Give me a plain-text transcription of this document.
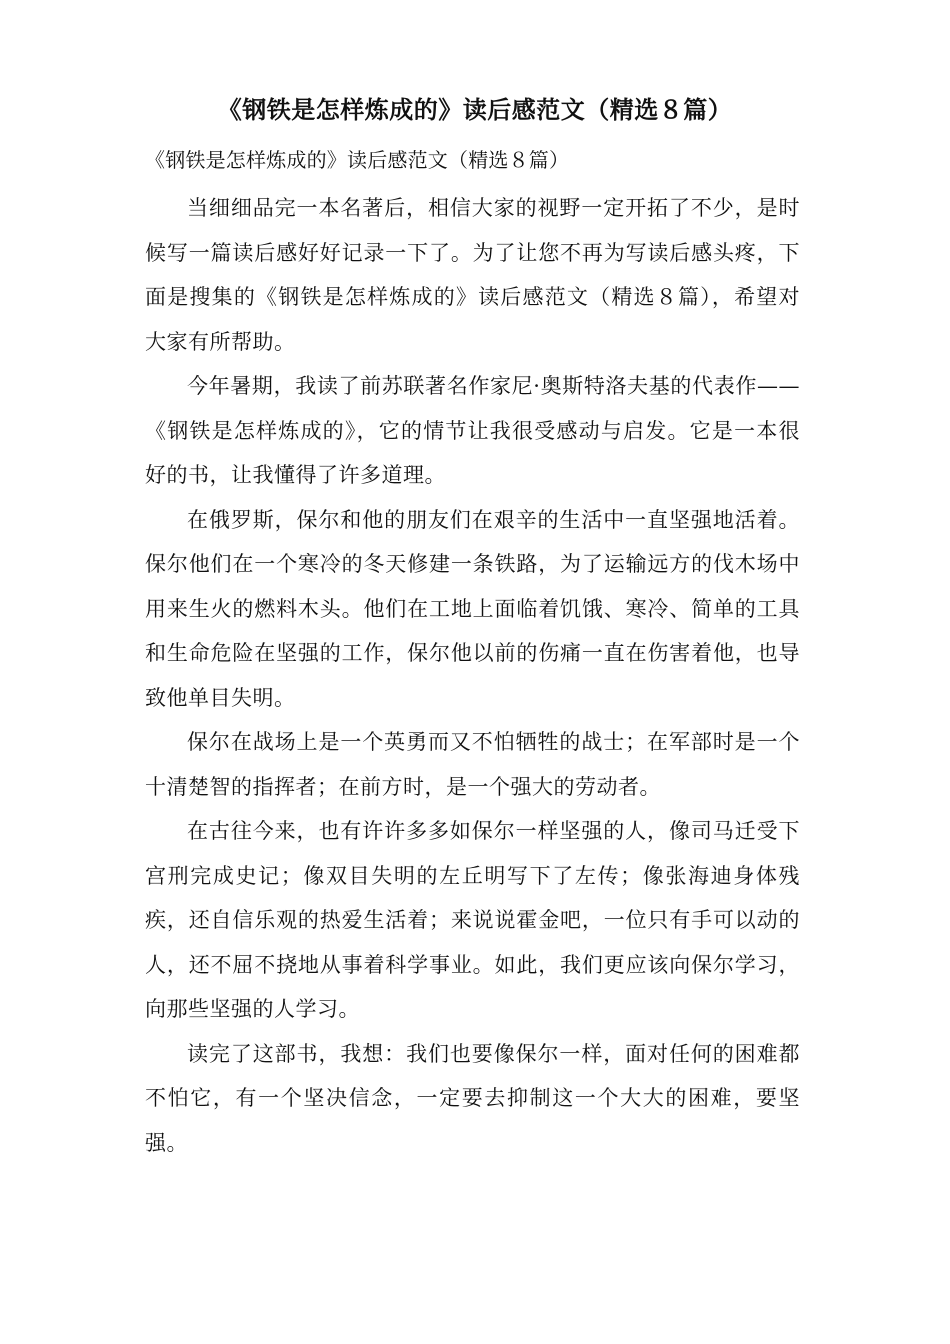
《钢铁是怎样炼成的》读后感范文（精选８篇）

《钢铁是怎样炼成的》读后感范文（精选８篇）

当细细品完一本名著后，相信大家的视野一定开拓了不少，是时候写一篇读后感好好记录一下了。为了让您不再为写读后感头疼，下面是搜集的《钢铁是怎样炼成的》读后感范文（精选８篇），希望对大家有所帮助。

今年暑期，我读了前苏联著名作家尼·奥斯特洛夫基的代表作——《钢铁是怎样炼成的》，它的情节让我很受感动与启发。它是一本很好的书，让我懂得了许多道理。

在俄罗斯，保尔和他的朋友们在艰辛的生活中一直坚强地活着。保尔他们在一个寒冷的冬天修建一条铁路，为了运输远方的伐木场中用来生火的燃料木头。他们在工地上面临着饥饿、寒冷、简单的工具和生命危险在坚强的工作，保尔他以前的伤痛一直在伤害着他，也导致他单目失明。

保尔在战场上是一个英勇而又不怕牺牲的战士；在军部时是一个十清楚智的指挥者；在前方时，是一个强大的劳动者。

在古往今来，也有许许多多如保尔一样坚强的人，像司马迁受下宫刑完成史记；像双目失明的左丘明写下了左传；像张海迪身体残疾，还自信乐观的热爱生活着；来说说霍金吧，一位只有手可以动的人，还不屈不挠地从事着科学事业。如此，我们更应该向保尔学习，向那些坚强的人学习。

读完了这部书，我想：我们也要像保尔一样，面对任何的困难都不怕它，有一个坚决信念，一定要去抑制这一个大大的困难，要坚强。
